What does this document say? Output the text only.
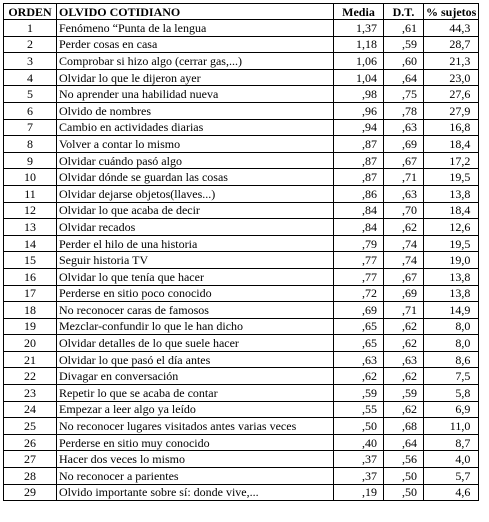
ORDEN	OLVIDO COTIDIANO	Media	D.T.	% sujetos
1	Fenómeno “Punta de la lengua	1,37	,61	44,3
2	Perder cosas en casa	1,18	,59	28,7
3	Comprobar si hizo algo (cerrar gas,...)	1,06	,60	21,3
4	Olvidar lo que le dijeron ayer	1,04	,64	23,0
5	No aprender una habilidad nueva	,98	,75	27,6
6	Olvido de nombres	,96	,78	27,9
7	Cambio en actividades diarias	,94	,63	16,8
8	Volver a contar lo mismo	,87	,69	18,4
9	Olvidar cuándo pasó algo	,87	,67	17,2
10	Olvidar dónde se guardan las cosas	,87	,71	19,5
11	Olvidar dejarse objetos(llaves...)	,86	,63	13,8
12	Olvidar lo que acaba de decir	,84	,70	18,4
13	Olvidar recados	,84	,62	12,6
14	Perder el hilo de una historia	,79	,74	19,5
15	Seguir historia TV	,77	,74	19,0
16	Olvidar lo que tenía que hacer	,77	,67	13,8
17	Perderse en sitio poco conocido	,72	,69	13,8
18	No reconocer caras de famosos	,69	,71	14,9
19	Mezclar-confundir lo que le han dicho	,65	,62	8,0
20	Olvidar detalles de lo que suele hacer	,65	,62	8,0
21	Olvidar lo que pasó el día antes	,63	,63	8,6
22	Divagar en conversación	,62	,62	7,5
23	Repetir lo que se acaba de contar	,59	,59	5,8
24	Empezar a leer algo ya leído	,55	,62	6,9
25	No reconocer lugares visitados antes varias veces	,50	,68	11,0
26	Perderse en sitio muy conocido	,40	,64	8,7
27	Hacer dos veces lo mismo	,37	,56	4,0
28	No reconocer a parientes	,37	,50	5,7
29	Olvido importante sobre sí: donde vive,...	,19	,50	4,6
